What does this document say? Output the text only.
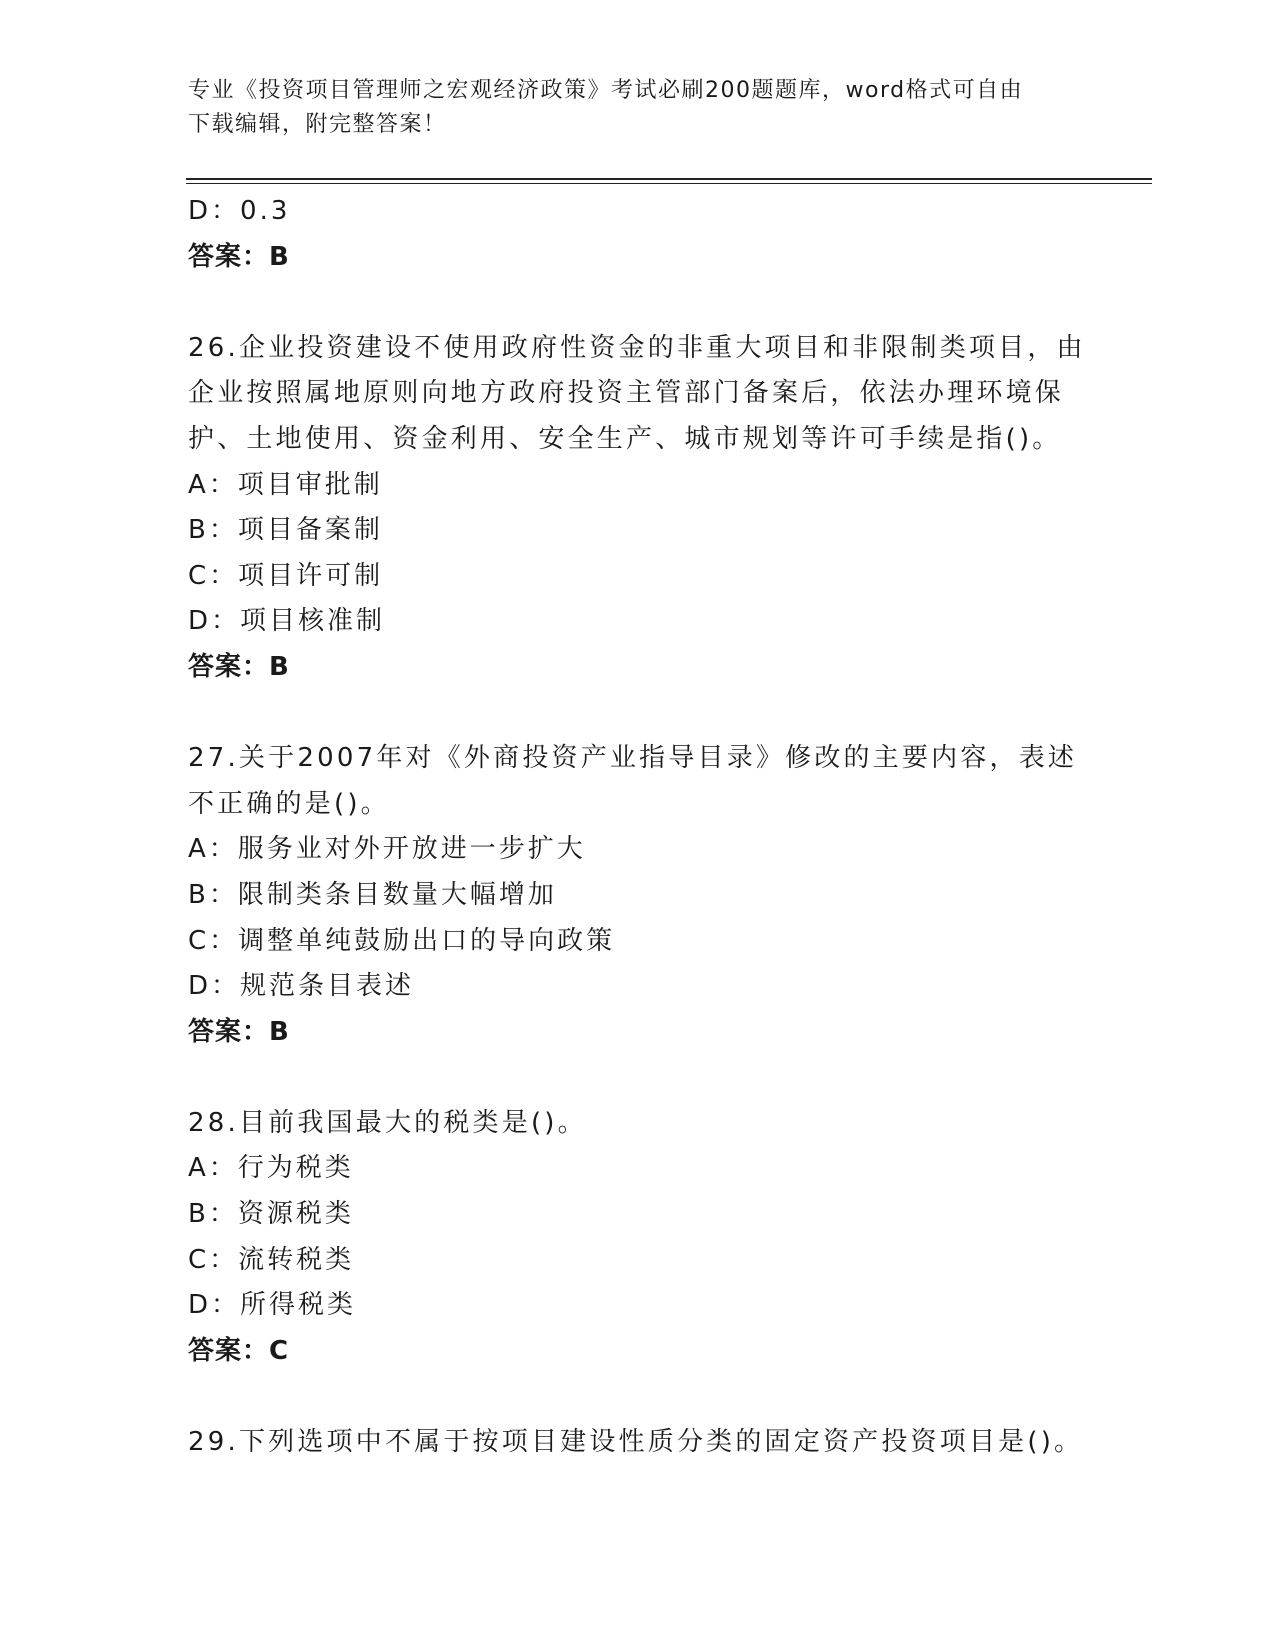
专业《投资项目管理师之宏观经济政策》考试必刷200题题库，word格式可自由
下载编辑，附完整答案！
D：0.3
答案：B
26.企业投资建设不使用政府性资金的非重大项目和非限制类项目，由
企业按照属地原则向地方政府投资主管部门备案后，依法办理环境保
护、土地使用、资金利用、安全生产、城市规划等许可手续是指()。
A：项目审批制
B：项目备案制
C：项目许可制
D：项目核准制
答案：B
27.关于2007年对《外商投资产业指导目录》修改的主要内容，表述
不正确的是()。
A：服务业对外开放进一步扩大
B：限制类条目数量大幅增加
C：调整单纯鼓励出口的导向政策
D：规范条目表述
答案：B
28.目前我国最大的税类是()。
A：行为税类
B：资源税类
C：流转税类
D：所得税类
答案：C
29.下列选项中不属于按项目建设性质分类的固定资产投资项目是()。
